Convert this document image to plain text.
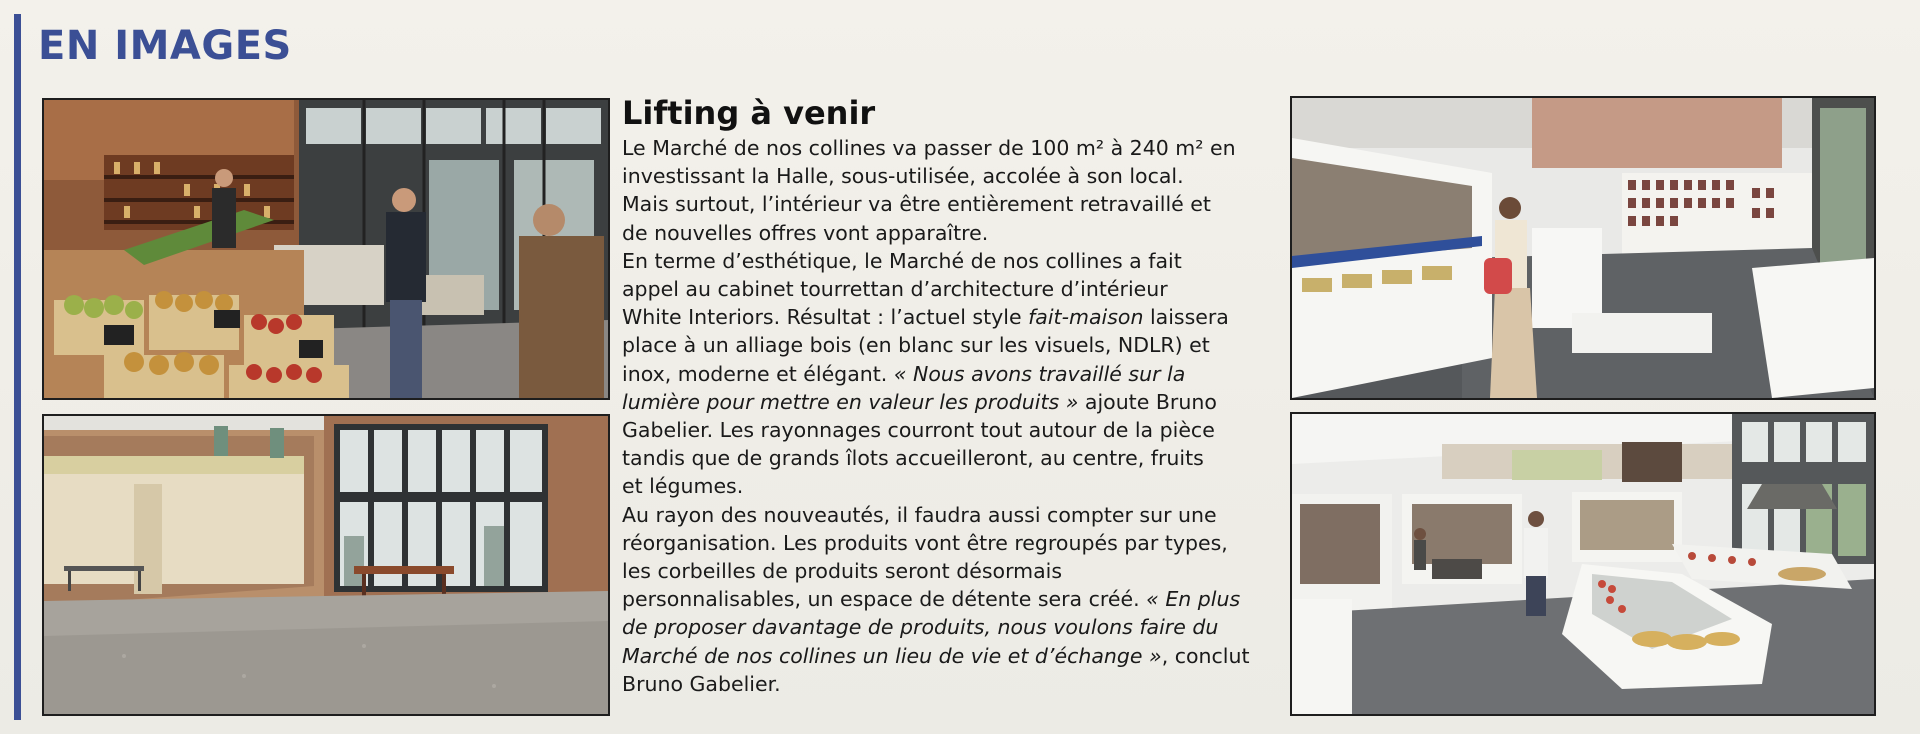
EN IMAGES
Lifting à venir

Le Marché de nos collines va passer de 100 m² à 240 m² en
investissant la Halle, sous-utilisée, accolée à son local.
Mais surtout, l’intérieur va être entièrement retravaillé et
de nouvelles offres vont apparaître.
En terme d’esthétique, le Marché de nos collines a fait
appel au cabinet tourrettan d’architecture d’intérieur
White Interiors. Résultat : l’actuel style fait-maison laissera
place à un alliage bois (en blanc sur les visuels, NDLR) et
inox, moderne et élégant. « Nous avons travaillé sur la
lumière pour mettre en valeur les produits » ajoute Bruno
Gabelier. Les rayonnages courront tout autour de la pièce
tandis que de grands îlots accueilleront, au centre, fruits
et légumes.
Au rayon des nouveautés, il faudra aussi compter sur une
réorganisation. Les produits vont être regroupés par types,
les corbeilles de produits seront désormais
personnalisables, un espace de détente sera créé. « En plus
de proposer davantage de produits, nous voulons faire du
Marché de nos collines un lieu de vie et d’échange », conclut
Bruno Gabelier.
